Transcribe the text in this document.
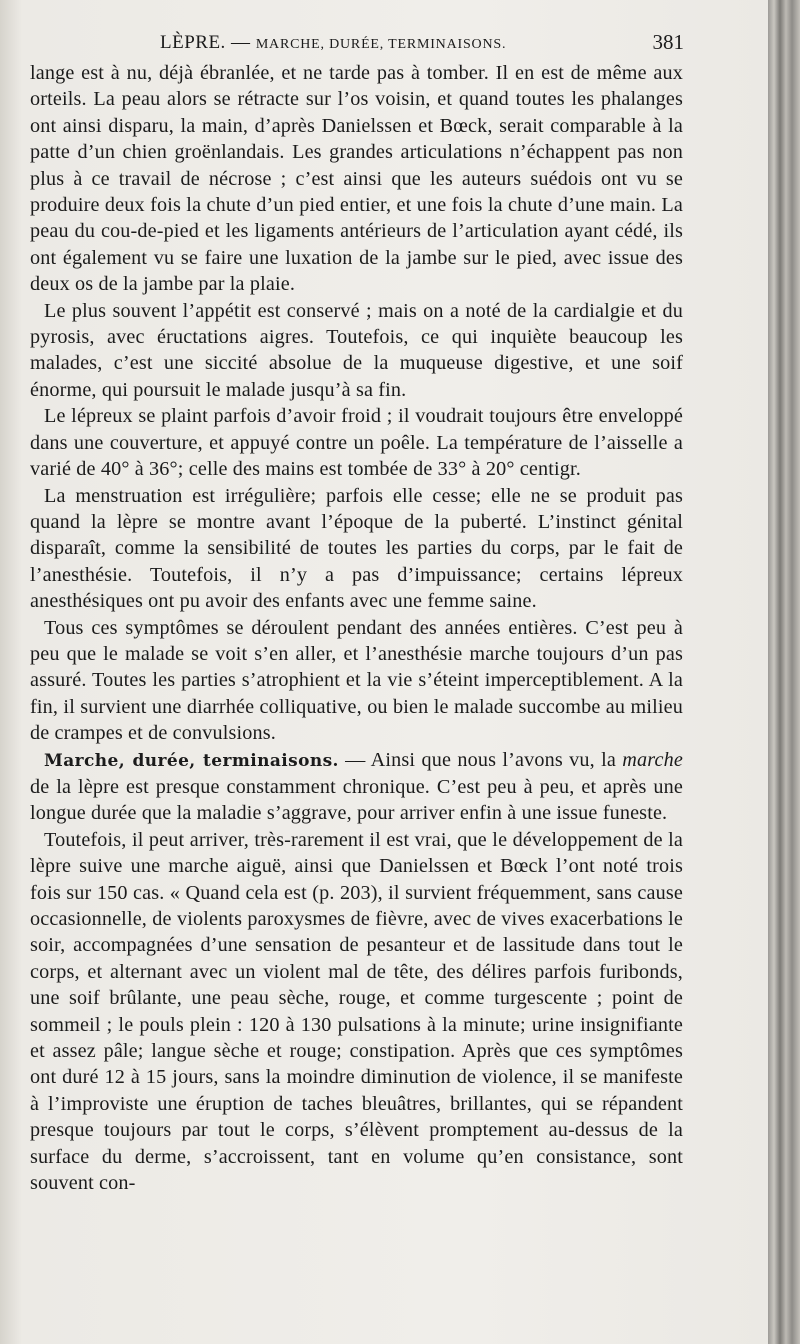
LÈPRE. — MARCHE, DURÉE, TERMINAISONS.	381

lange est à nu, déjà ébranlée, et ne tarde pas à tomber. Il en est de même aux orteils. La peau alors se rétracte sur l’os voisin, et quand toutes les phalanges ont ainsi disparu, la main, d’après Danielssen et Bœck, serait comparable à la patte d’un chien groënlandais. Les grandes articulations n’échappent pas non plus à ce travail de nécrose ; c’est ainsi que les auteurs suédois ont vu se produire deux fois la chute d’un pied entier, et une fois la chute d’une main. La peau du cou-de-pied et les ligaments antérieurs de l’articulation ayant cédé, ils ont également vu se faire une luxation de la jambe sur le pied, avec issue des deux os de la jambe par la plaie.

Le plus souvent l’appétit est conservé ; mais on a noté de la cardialgie et du pyrosis, avec éructations aigres. Toutefois, ce qui inquiète beaucoup les malades, c’est une siccité absolue de la muqueuse digestive, et une soif énorme, qui poursuit le malade jusqu’à sa fin.

Le lépreux se plaint parfois d’avoir froid ; il voudrait toujours être enveloppé dans une couverture, et appuyé contre un poêle. La température de l’aisselle a varié de 40° à 36°; celle des mains est tombée de 33° à 20° centigr.

La menstruation est irrégulière; parfois elle cesse; elle ne se produit pas quand la lèpre se montre avant l’époque de la puberté. L’instinct génital disparaît, comme la sensibilité de toutes les parties du corps, par le fait de l’anesthésie. Toutefois, il n’y a pas d’impuissance; certains lépreux anesthésiques ont pu avoir des enfants avec une femme saine.

Tous ces symptômes se déroulent pendant des années entières. C’est peu à peu que le malade se voit s’en aller, et l’anesthésie marche toujours d’un pas assuré. Toutes les parties s’atrophient et la vie s’éteint imperceptiblement. A la fin, il survient une diarrhée colliquative, ou bien le malade succombe au milieu de crampes et de convulsions.

Marche, durée, terminaisons. — Ainsi que nous l’avons vu, la marche de la lèpre est presque constamment chronique. C’est peu à peu, et après une longue durée que la maladie s’aggrave, pour arriver enfin à une issue funeste.

Toutefois, il peut arriver, très-rarement il est vrai, que le développement de la lèpre suive une marche aiguë, ainsi que Danielssen et Bœck l’ont noté trois fois sur 150 cas. « Quand cela est (p. 203), il survient fréquemment, sans cause occasionnelle, de violents paroxysmes de fièvre, avec de vives exacerbations le soir, accompagnées d’une sensation de pesanteur et de lassitude dans tout le corps, et alternant avec un violent mal de tête, des délires parfois furibonds, une soif brûlante, une peau sèche, rouge, et comme turgescente ; point de sommeil ; le pouls plein : 120 à 130 pulsations à la minute; urine insignifiante et assez pâle; langue sèche et rouge; constipation. Après que ces symptômes ont duré 12 à 15 jours, sans la moindre diminution de violence, il se manifeste à l’improviste une éruption de taches bleuâtres, brillantes, qui se répandent presque toujours par tout le corps, s’élèvent promptement au-dessus de la surface du derme, s’accroissent, tant en volume qu’en consistance, sont souvent con-
